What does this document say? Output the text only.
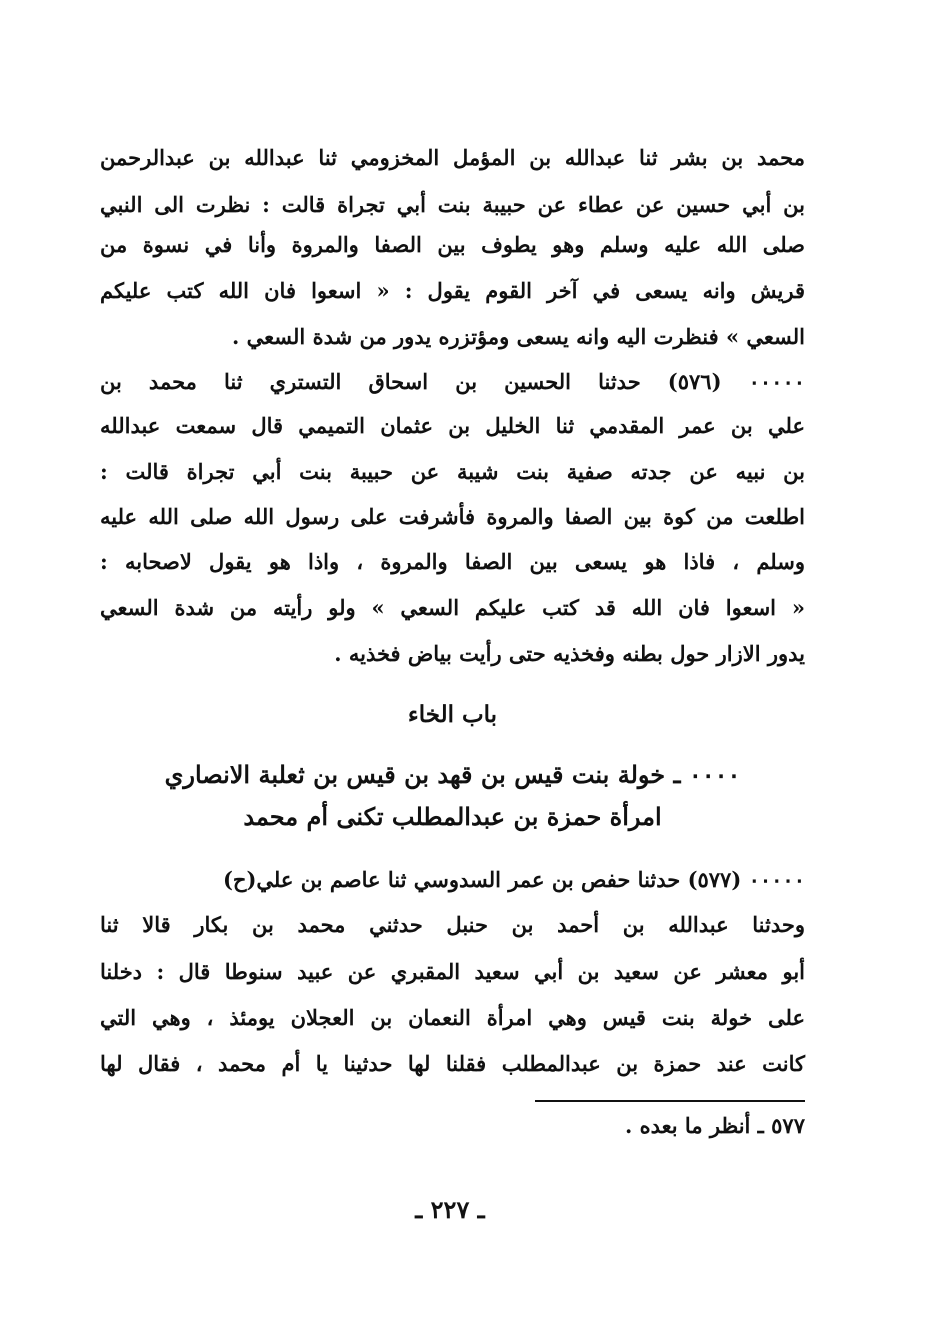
محمد بن بشر ثنا عبدالله بن المؤمل المخزومي ثنا عبدالله بن عبدالرحمن
بن أبي حسين عن عطاء عن حبيبة بنت أبي تجراة قالت : نظرت الى النبي
صلى الله عليه وسلم وهو يطوف بين الصفا والمروة وأنا في نسوة من
قريش وانه يسعى في آخر القوم يقول : « اسعوا فان الله كتب عليكم
السعي » فنظرت اليه وانه يسعى ومؤتزره يدور من شدة السعي .
٠٠٠٠٠ (٥٧٦) حدثنا الحسين بن اسحاق التستري ثنا محمد بن
علي بن عمر المقدمي ثنا الخليل بن عثمان التميمي قال سمعت عبدالله
بن نبيه عن جدته صفية بنت شيبة عن حبيبة بنت أبي تجراة قالت :
اطلعت من كوة بين الصفا والمروة فأشرفت على رسول الله صلى الله عليه
وسلم ، فاذا هو يسعى بين الصفا والمروة ، واذا هو يقول لاصحابه :
« اسعوا فان الله قد كتب عليكم السعي » ولو رأيته من شدة السعي
يدور الازار حول بطنه وفخذيه حتى رأيت بياض فخذيه .
باب الخاء
٠٠٠٠ ـ خولة بنت قيس بن قهد بن قيس بن ثعلبة الانصاري
امرأة حمزة بن عبدالمطلب تكنى أم محمد
٠٠٠٠٠ (٥٧٧) حدثنا حفص بن عمر السدوسي ثنا عاصم بن علي(ح)
وحدثنا عبدالله بن أحمد بن حنبل حدثني محمد بن بكار قالا ثنا
أبو معشر عن سعيد بن أبي سعيد المقبري عن عبيد سنوطا قال : دخلنا
على خولة بنت قيس وهي امرأة النعمان بن العجلان يومئذ ، وهي التي
كانت عند حمزة بن عبدالمطلب فقلنا لها حدثينا يا أم محمد ، فقال لها
٥٧٧ ـ أنظر ما بعده .
ـ ٢٢٧ ـ
